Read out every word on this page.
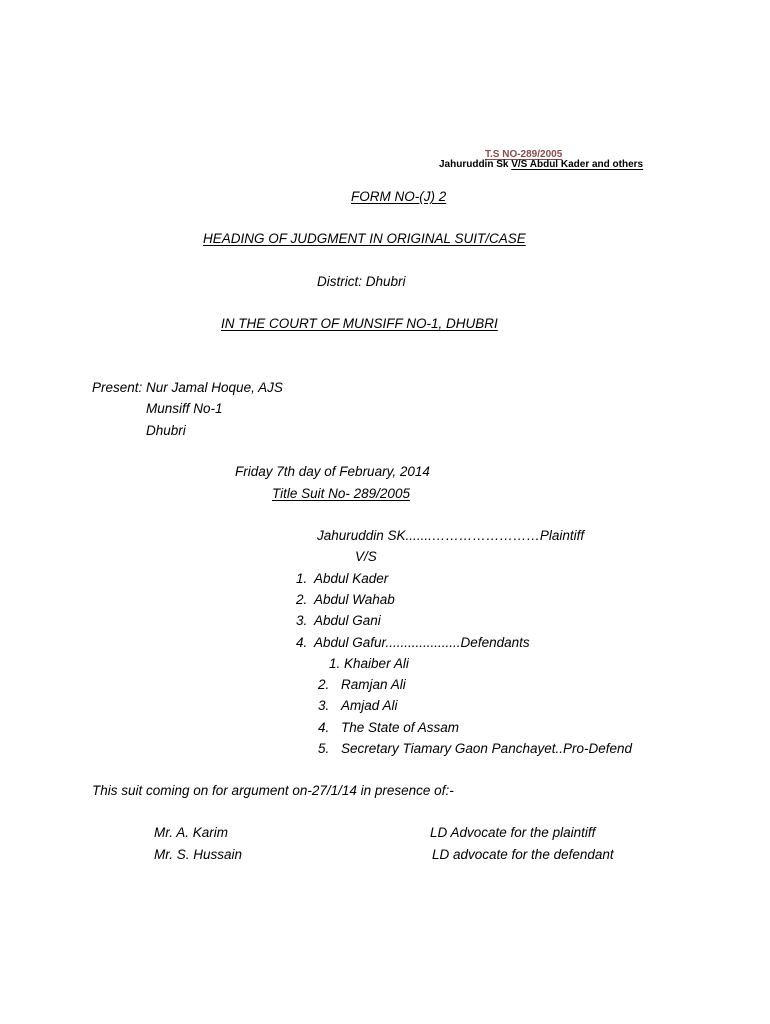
T.S NO-289/2005
Jahuruddin Sk V/S Abdul Kader and others
FORM NO-(J) 2
HEADING OF JUDGMENT IN ORIGINAL SUIT/CASE
District: Dhubri
IN THE COURT OF MUNSIFF NO-1, DHUBRI
Present: Nur Jamal Hoque, AJS
Munsiff No-1
Dhubri
Friday 7th day of February, 2014
Title Suit No- 289/2005
Jahuruddin SK.......……………………Plaintiff
V/S
1. Abdul Kader
2. Abdul Wahab
3. Abdul Gani
4. Abdul Gafur....................Defendants
1. Khaiber Ali
2. Ramjan Ali
3. Amjad Ali
4. The State of Assam
5. Secretary Tiamary Gaon Panchayet..Pro-Defend
This suit coming on for argument on-27/1/14 in presence of:-
Mr. A. Karim	LD Advocate for the plaintiff
Mr. S. Hussain	LD advocate for the defendant
